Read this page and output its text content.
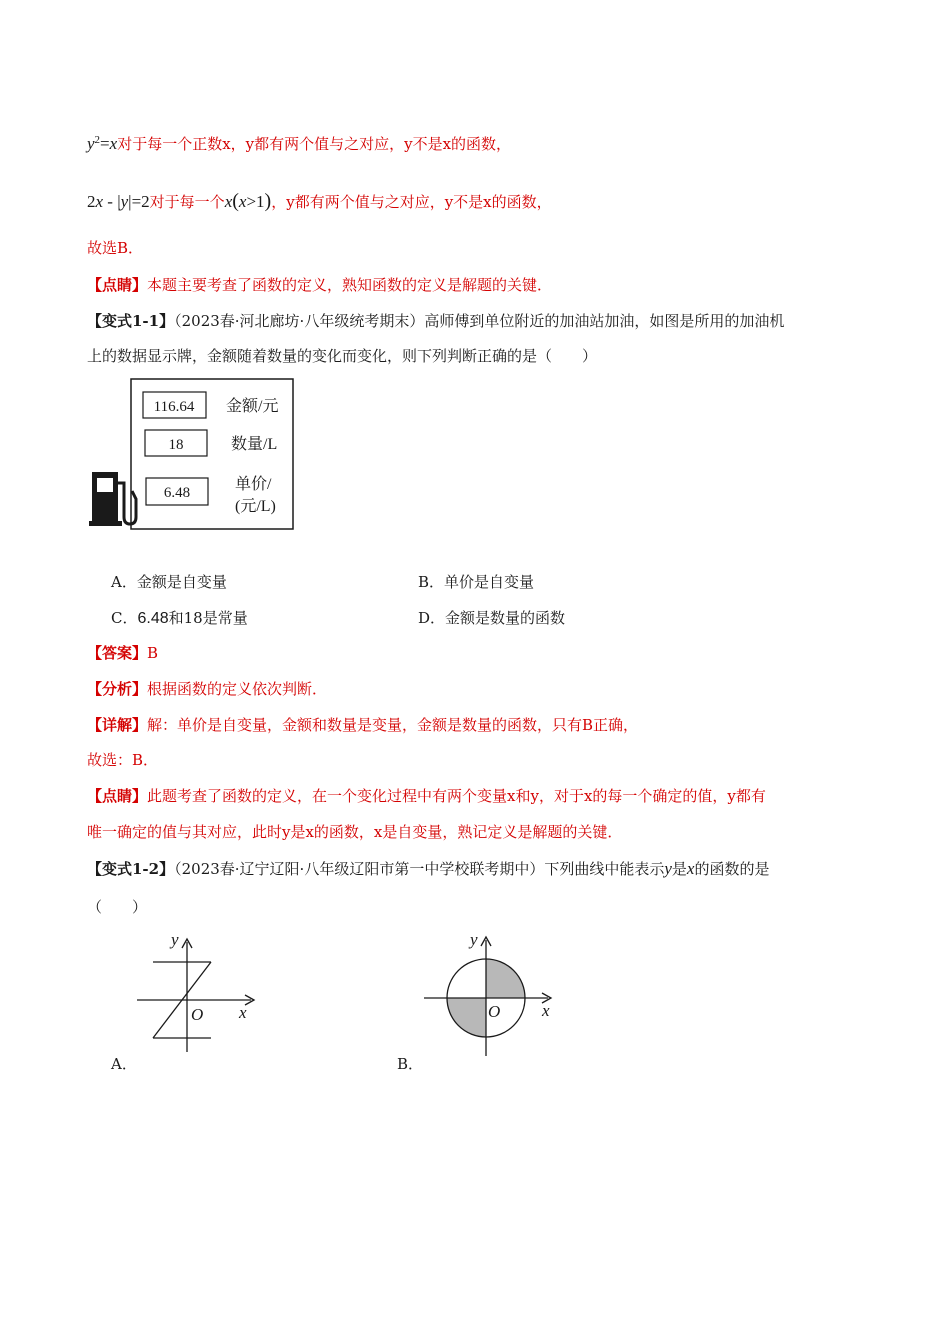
$y^2=x$对于每一个正数x，y都有两个值与之对应，y不是x的函数，
2x - |y|=2对于每一个x(x>1)，y都有两个值与之对应，y不是x的函数，
故选B．
【点睛】本题主要考查了函数的定义，熟知函数的定义是解题的关键．
【变式1-1】（2023春·河北廊坊·八年级统考期末）高师傅到单位附近的加油站加油，如图是所用的加油机
上的数据显示牌，金额随着数量的变化而变化，则下列判断正确的是（　　）
116.64 金额/元
18	数量/L
6.48	单价/
(元/L)
A．金额是自变量	B．单价是自变量
C．6.48和18是常量	D．金额是数量的函数
【答案】B
【分析】根据函数的定义依次判断．
【详解】解：单价是自变量，金额和数量是变量，金额是数量的函数，只有B正确，
故选：B．
【点睛】此题考查了函数的定义，在一个变化过程中有两个变量x和y，对于x的每一个确定的值，y都有
唯一确定的值与其对应，此时y是x的函数，x是自变量，熟记定义是解题的关键．
【变式1-2】（2023春·辽宁辽阳·八年级辽阳市第一中学校联考期中）下列曲线中能表示y是x的函数的是
（　　）
y
x
O
A．
y
x
O
B．
